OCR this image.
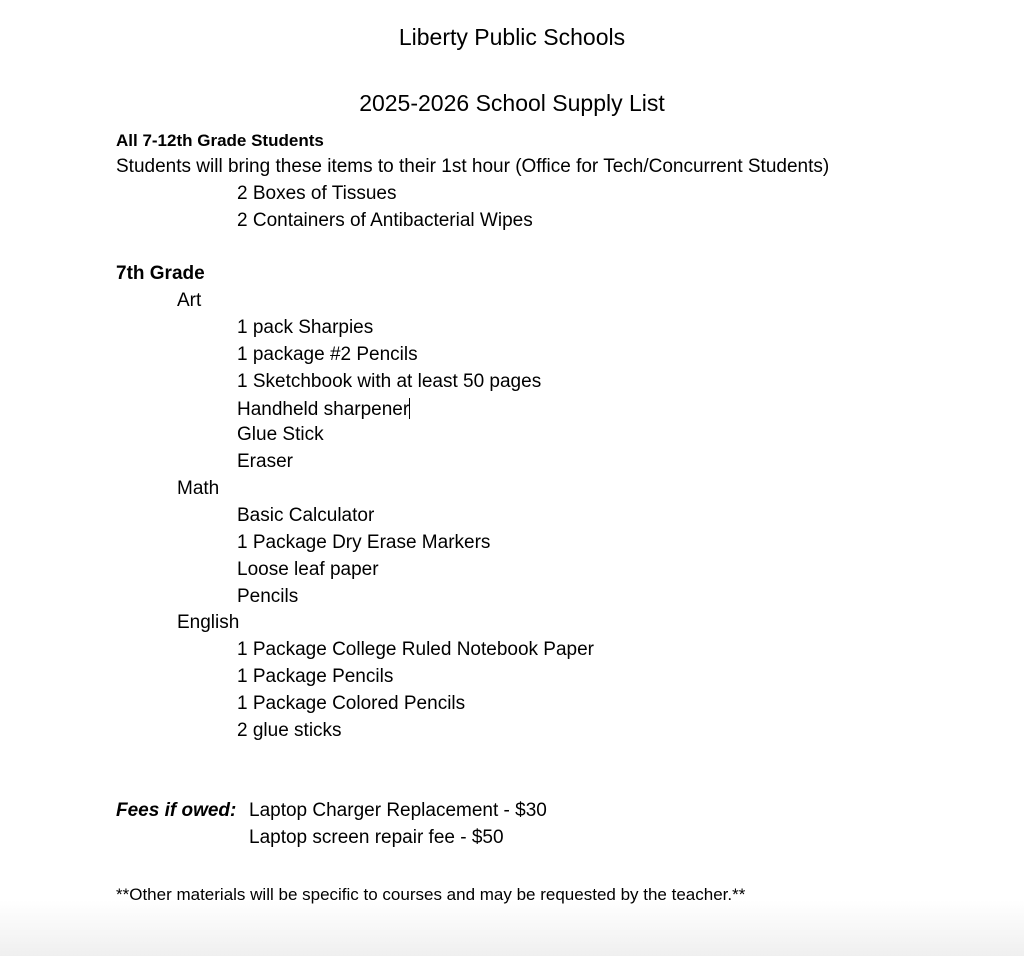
Liberty Public Schools
2025-2026 School Supply List
All 7-12th Grade Students
Students will bring these items to their 1st hour (Office for Tech/Concurrent Students)
2 Boxes of Tissues
2 Containers of Antibacterial Wipes
7th Grade
Art
1 pack Sharpies
1 package #2 Pencils
1 Sketchbook with at least 50 pages
Handheld sharpener
Glue Stick
Eraser
Math
Basic Calculator
1 Package Dry Erase Markers
Loose leaf paper
Pencils
English
1 Package College Ruled Notebook Paper
1 Package Pencils
1 Package Colored Pencils
2 glue sticks
Fees if owed: Laptop Charger Replacement - $30
Laptop screen repair fee - $50
**Other materials will be specific to courses and may be requested by the teacher.**
